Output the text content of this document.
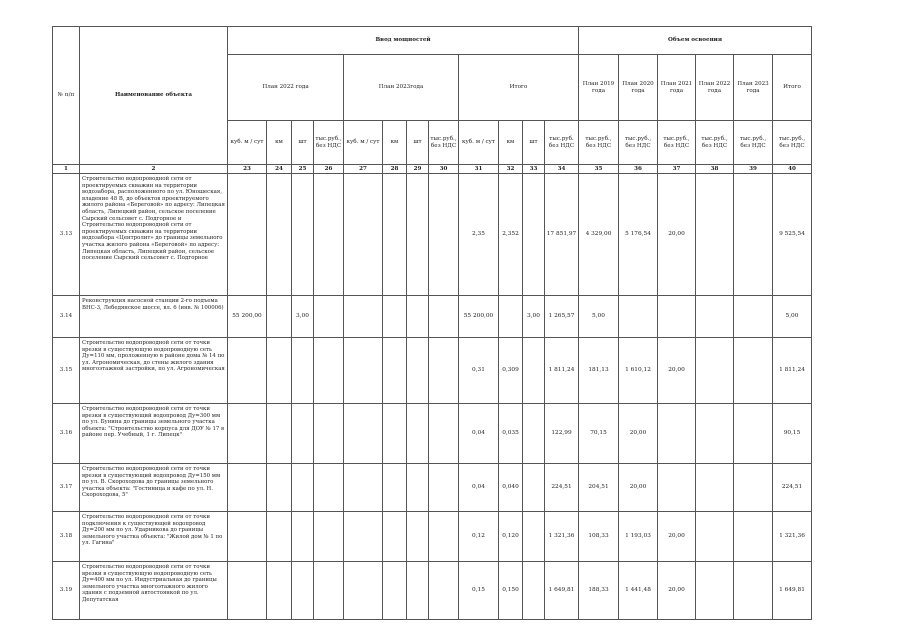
№ п/п	Наименование объекта	Ввод мощностей												Объем освоения					
		План 2022 года				План 2023года				Итого				План 2019 года	План 2020 года	План 2021 года	План 2022 года	План 2023 года	Итого
		куб. м / сут	км	шт	тыс.руб., без НДС	куб. м / сут	км	шт	тыс.руб., без НДС	куб. м / сут	км	шт	тыс.руб. без НДС	тыс.руб., без НДС	тыс.руб., без НДС	тыс.руб., без НДС	тыс.руб., без НДС	тыс.руб., без НДС	тыс.руб., без НДС
1	2	23	24	25	26	27	28	29	30	31	32	33	34	35	36	37	38	39	40
3.13	Строительство водопроводной сети от проектируемых скважин на территории водозабора, расположенного по ул. Юношеская, владение 48 В, до объектов проектируемого жилого района «Береговой» по адресу: Липецкая область, Липецкий район, сельское поселение Сырский сельсовет с. Подгорное и Строительство водопроводной сети от проектируемых скважин на территории водозабора «Центролит» до границы земельного участка жилого района «Береговой» по адресу: Липецкая область, Липецкий район, сельское поселение Сырский сельсовет с. Подгорное									2,35	2,352		17 851,97	4 329,00	5 176,54	20,00			9 525,54
3.14	Реконструкция насосной станции 2-го подъема ВНС-3, Лебедянское шоссе, вл. 6 (инв. № 100006)	55 200,00		3,00						55 200,00		3,00	1 265,57	5,00					5,00
3.15	Строительство водопроводной сети от точки врезки в существующую водопроводную сеть Ду=110 мм, проложенную в районе дома № 14 по ул. Агрономическая, до стены жилого здания многоэтажной застройки, по ул. Агрономическая									0,31	0,309		1 811,24	181,13	1 610,12	20,00			1 811,24
3.16	Строительство водопроводной сети от точки врезки в существующий водопровод Ду=300 мм по ул. Бунина до границы земельного участка объекта: "Строительство корпуса для ДОУ № 17 в районе пер. Учебный, 1 г. Липецк"									0,04	0,035		122,99	70,15	20,00				90,15
3.17	Строительство водопроводной сети от точки врезки в существующий водопровод Ду=150 мм по ул. В. Скороходова до границы земельного участка объекта: "Гостиница и кафе по ул. Н. Скороходова, 5"									0,04	0,040		224,51	204,51	20,00				224,51
3.18	Строительство водопроводной сети от точки подключения к существующей водопровод Ду=200 мм по ул. Ударникова до границы земельного участка объекта: "Жилой дом № 1 по ул. Гагина"									0,12	0,120		1 321,36	108,33	1 193,03	20,00			1 321,36
3.19	Строительство водопроводной сети от точки врезки в существующую водопроводную сеть Ду=400 мм по ул. Индустриальная до границы земельного участка многоэтажного жилого здания с подземной автостоянкой по ул. Депутатская									0,15	0,150		1 649,81	188,33	1 441,48	20,00			1 649,81
